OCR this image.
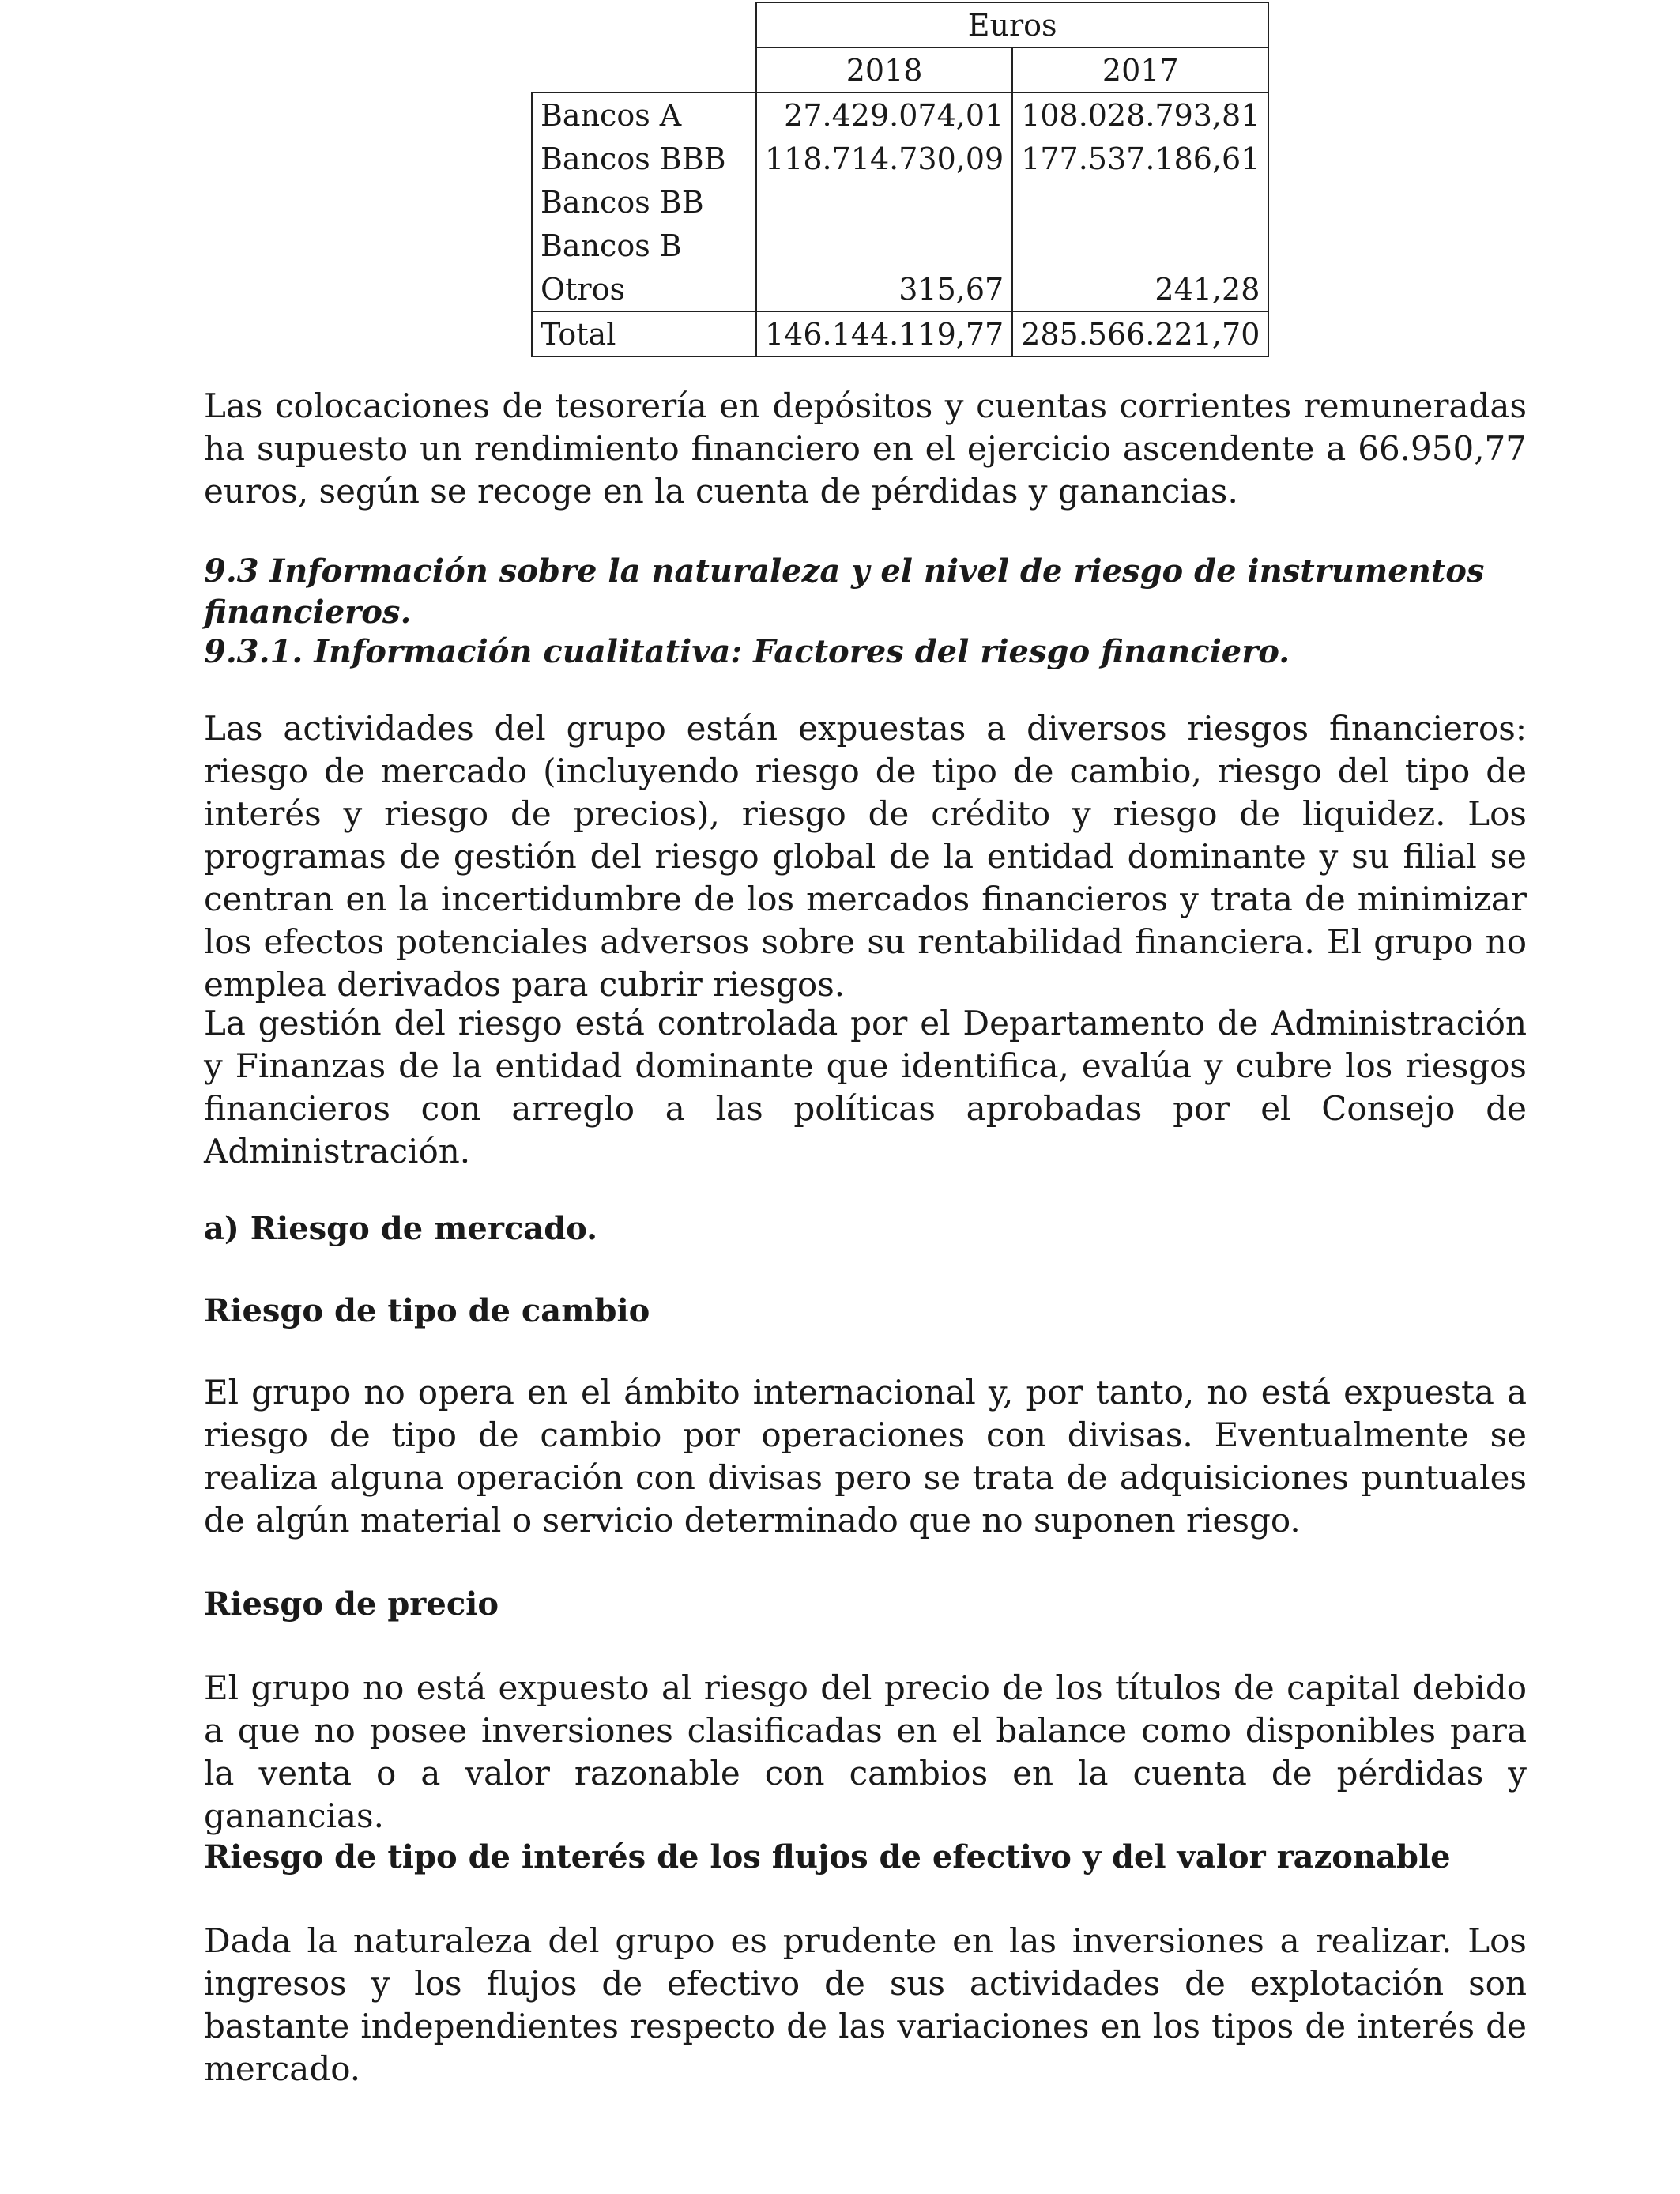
	Euros	
	2018	2017
Bancos A	27.429.074,01	108.028.793,81
Bancos BBB	118.714.730,09	177.537.186,61
Bancos BB		
Bancos B		
Otros	315,67	241,28
Total	146.144.119,77	285.566.221,70

Las colocaciones de tesorería en depósitos y cuentas corrientes remuneradas ha supuesto un rendimiento financiero en el ejercicio ascendente a 66.950,77 euros, según se recoge en la cuenta de pérdidas y ganancias.

9.3 Información sobre la naturaleza y el nivel de riesgo de instrumentos financieros.

9.3.1. Información cualitativa: Factores del riesgo financiero.

Las actividades del grupo están expuestas a diversos riesgos financieros: riesgo de mercado (incluyendo riesgo de tipo de cambio, riesgo del tipo de interés y riesgo de precios), riesgo de crédito y riesgo de liquidez. Los programas de gestión del riesgo global de la entidad dominante y su filial se centran en la incertidumbre de los mercados financieros y trata de minimizar los efectos potenciales adversos sobre su rentabilidad financiera. El grupo no emplea derivados para cubrir riesgos.

La gestión del riesgo está controlada por el Departamento de Administración y Finanzas de la entidad dominante que identifica, evalúa y cubre los riesgos financieros con arreglo a las políticas aprobadas por el Consejo de Administración.

a) Riesgo de mercado.

Riesgo de tipo de cambio

El grupo no opera en el ámbito internacional y, por tanto, no está expuesta a riesgo de tipo de cambio por operaciones con divisas. Eventualmente se realiza alguna operación con divisas pero se trata de adquisiciones puntuales de algún material o servicio determinado que no suponen riesgo.

Riesgo de precio

El grupo no está expuesto al riesgo del precio de los títulos de capital debido a que no posee inversiones clasificadas en el balance como disponibles para la venta o a valor razonable con cambios en la cuenta de pérdidas y ganancias.

Riesgo de tipo de interés de los flujos de efectivo y del valor razonable

Dada la naturaleza del grupo es prudente en las inversiones a realizar. Los ingresos y los flujos de efectivo de sus actividades de explotación son bastante independientes respecto de las variaciones en los tipos de interés de mercado.
